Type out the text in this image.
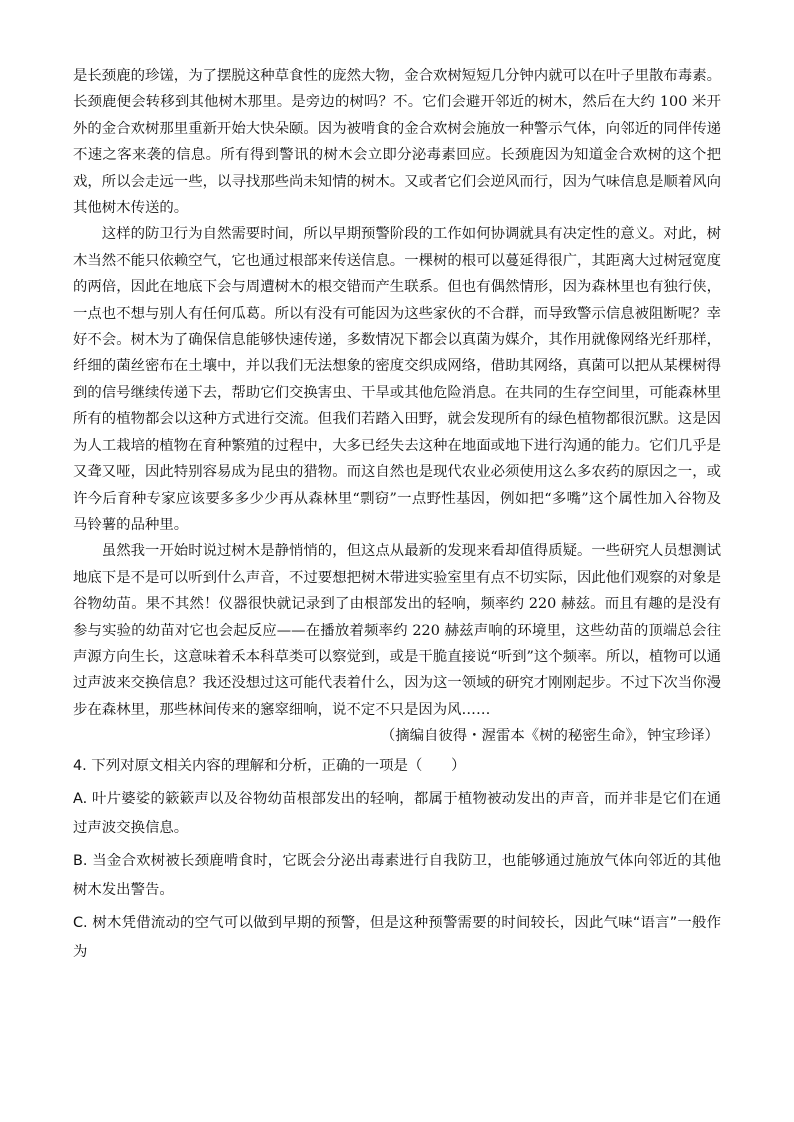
是长颈鹿的珍馐，为了摆脱这种草食性的庞然大物，金合欢树短短几分钟内就可以在叶子里散布毒素。长颈鹿便会转移到其他树木那里。是旁边的树吗？不。它们会避开邻近的树木，然后在大约 100 米开外的金合欢树那里重新开始大快朵颐。因为被啃食的金合欢树会施放一种警示气体，向邻近的同伴传递不速之客来袭的信息。所有得到警讯的树木会立即分泌毒素回应。长颈鹿因为知道金合欢树的这个把戏，所以会走远一些，以寻找那些尚未知情的树木。又或者它们会逆风而行，因为气味信息是顺着风向其他树木传送的。

这样的防卫行为自然需要时间，所以早期预警阶段的工作如何协调就具有决定性的意义。对此，树木当然不能只依赖空气，它也通过根部来传送信息。一棵树的根可以蔓延得很广，其距离大过树冠宽度的两倍，因此在地底下会与周遭树木的根交错而产生联系。但也有偶然情形，因为森林里也有独行侠，一点也不想与别人有任何瓜葛。所以有没有可能因为这些家伙的不合群，而导致警示信息被阻断呢？幸好不会。树木为了确保信息能够快速传递，多数情况下都会以真菌为媒介，其作用就像网络光纤那样，纤细的菌丝密布在土壤中，并以我们无法想象的密度交织成网络，借助其网络，真菌可以把从某棵树得到的信号继续传递下去，帮助它们交换害虫、干旱或其他危险消息。在共同的生存空间里，可能森林里所有的植物都会以这种方式进行交流。但我们若踏入田野，就会发现所有的绿色植物都很沉默。这是因为人工栽培的植物在育种繁殖的过程中，大多已经失去这种在地面或地下进行沟通的能力。它们几乎是又聋又哑，因此特别容易成为昆虫的猎物。而这自然也是现代农业必须使用这么多农药的原因之一，或许今后育种专家应该要多多少少再从森林里“剽窃”一点野性基因，例如把“多嘴”这个属性加入谷物及马铃薯的品种里。

虽然我一开始时说过树木是静悄悄的，但这点从最新的发现来看却值得质疑。一些研究人员想测试地底下是不是可以听到什么声音，不过要想把树木带进实验室里有点不切实际，因此他们观察的对象是谷物幼苗。果不其然！仪器很快就记录到了由根部发出的轻响，频率约 220 赫兹。而且有趣的是没有参与实验的幼苗对它也会起反应——在播放着频率约 220 赫兹声响的环境里，这些幼苗的顶端总会往声源方向生长，这意味着禾本科草类可以察觉到，或是干脆直接说“听到”这个频率。所以，植物可以通过声波来交换信息？我还没想过这可能代表着什么，因为这一领域的研究才刚刚起步。不过下次当你漫步在森林里，那些林间传来的窸窣细响，说不定不只是因为风……

（摘编自彼得・渥雷本《树的秘密生命》，钟宝珍译）

4. 下列对原文相关内容的理解和分析，正确的一项是（　　）

A. 叶片婆娑的簌簌声以及谷物幼苗根部发出的轻响，都属于植物被动发出的声音，而并非是它们在通过声波交换信息。

B. 当金合欢树被长颈鹿啃食时，它既会分泌出毒素进行自我防卫，也能够通过施放气体向邻近的其他树木发出警告。

C. 树木凭借流动的空气可以做到早期的预警，但是这种预警需要的时间较长，因此气味“语言”一般作为
